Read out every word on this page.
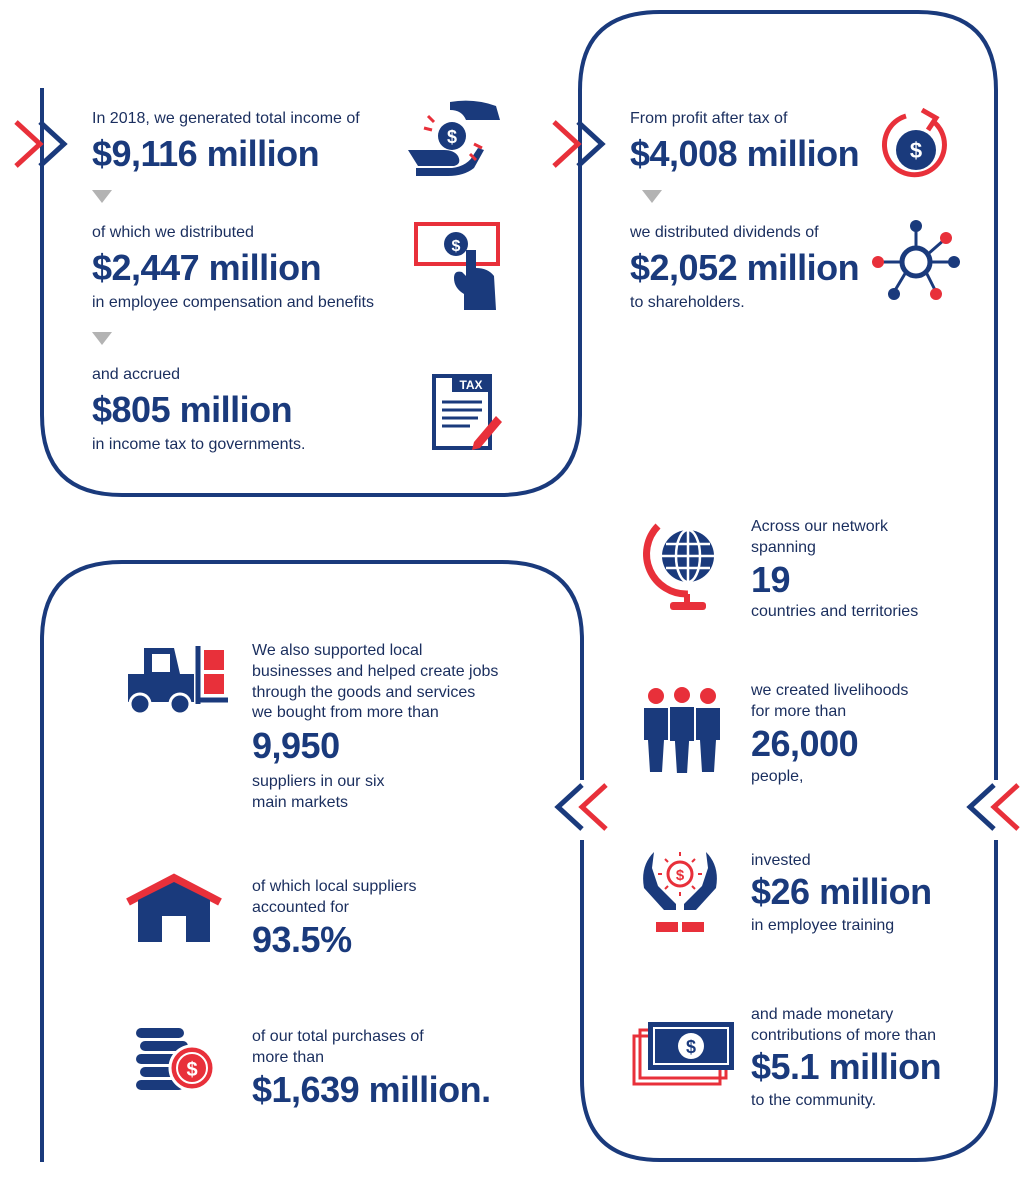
In 2018, we generated total income of
$9,116 million
of which we distributed
$2,447 million
in employee compensation and benefits
and accrued
$805 million
in income tax to governments.
$
$
TAX
From profit after tax of
$4,008 million
we distributed dividends of
$2,052 million
to shareholders.
$
Across our network
spanning
19
countries and territories
we created livelihoods
for more than
26,000
people,
invested
$26 million
in employee training
and made monetary
contributions of more than
$5.1 million
to the community.
$
$
We also supported local
businesses and helped create jobs
through the goods and services
we bought from more than
9,950
suppliers in our six
main markets
of which local suppliers
accounted for
93.5%
of our total purchases of
more than
$1,639 million.
$
